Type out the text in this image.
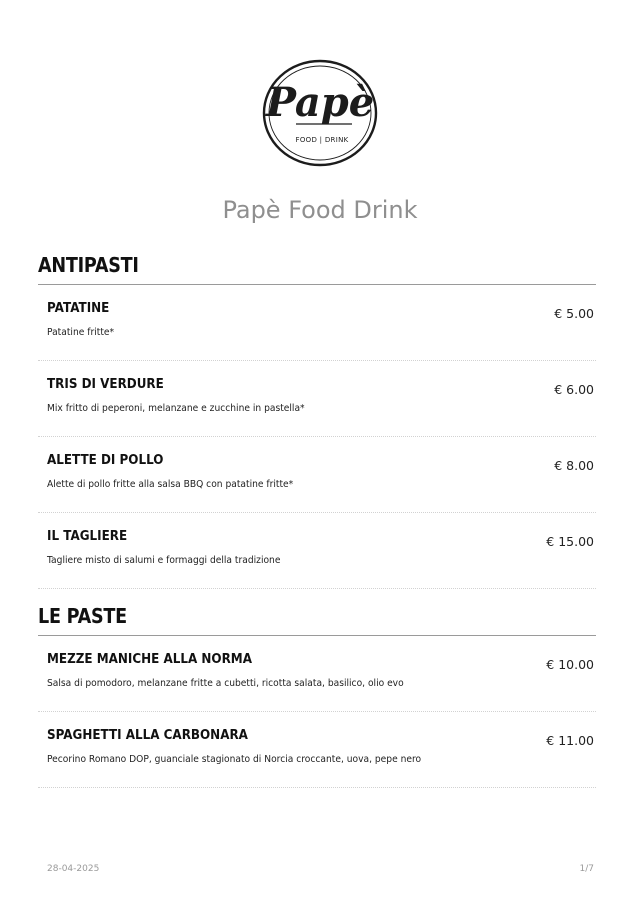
Papè
FOOD | DRINK
Papè Food Drink
ANTIPASTI
PATATINE
Patatine fritte*
€ 5.00
TRIS DI VERDURE
Mix fritto di peperoni, melanzane e zucchine in pastella*
€ 6.00
ALETTE DI POLLO
Alette di pollo fritte alla salsa BBQ con patatine fritte*
€ 8.00
IL TAGLIERE
Tagliere misto di salumi e formaggi della tradizione
€ 15.00
LE PASTE
MEZZE MANICHE ALLA NORMA
Salsa di pomodoro, melanzane fritte a cubetti, ricotta salata, basilico, olio evo
€ 10.00
SPAGHETTI ALLA CARBONARA
Pecorino Romano DOP, guanciale stagionato di Norcia croccante, uova, pepe nero
€ 11.00
28-04-2025	1/7
